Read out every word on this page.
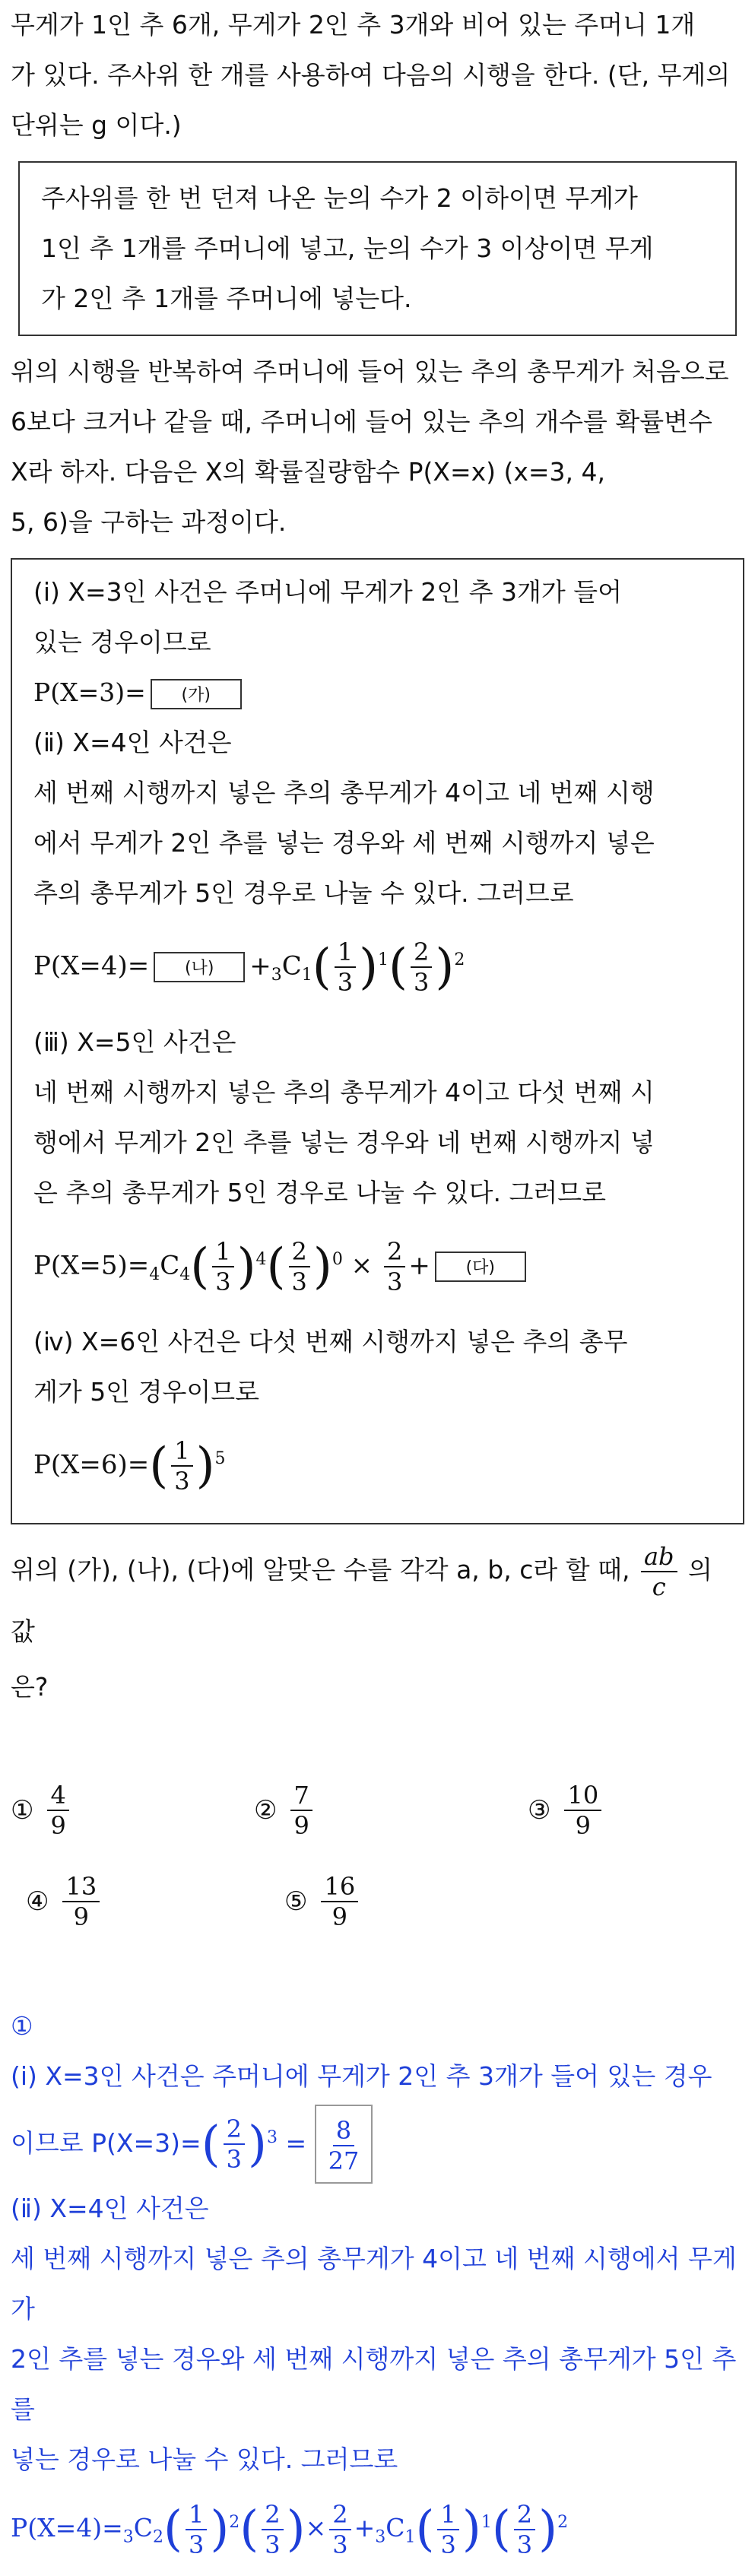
무게가 1인 추 6개, 무게가 2인 추 3개와 비어 있는 주머니 1개

가 있다. 주사위 한 개를 사용하여 다음의 시행을 한다. (단, 무게의

단위는 g 이다.)

주사위를 한 번 던져 나온 눈의 수가 2 이하이면 무게가

1인 추 1개를 주머니에 넣고, 눈의 수가 3 이상이면 무게

가 2인 추 1개를 주머니에 넣는다.

위의 시행을 반복하여 주머니에 들어 있는 추의 총무게가 처음으로

6보다 크거나 같을 때, 주머니에 들어 있는 추의 개수를 확률변수

X라 하자. 다음은 X의 확률질량함수 P(X=x) (x=3, 4,

5, 6)을 구하는 과정이다.

(ⅰ) X=3인 사건은 주머니에 무게가 2인 추 3개가 들어

있는 경우이므로

P(X=3)= (가)

(ⅱ) X=4인 사건은

세 번째 시행까지 넣은 추의 총무게가 4이고 네 번째 시행

에서 무게가 2인 추를 넣는 경우와 세 번째 시행까지 넣은

추의 총무게가 5인 경우로 나눌 수 있다. 그러므로

P(X=4)= (나) $+_3C_1( \frac{1}{3} )^1( \frac{2}{3} )^2$

(ⅲ) X=5인 사건은

네 번째 시행까지 넣은 추의 총무게가 4이고 다섯 번째 시

행에서 무게가 2인 추를 넣는 경우와 네 번째 시행까지 넣

은 추의 총무게가 5인 경우로 나눌 수 있다. 그러므로

$P(X=5)=_4C_4( \frac{1}{3} )^4( \frac{2}{3} )^0 \times \frac{2}{3}$ + (다)

(ⅳ) X=6인 사건은 다섯 번째 시행까지 넣은 추의 총무

게가 5인 경우이므로

$P(X=6)=( \frac{1}{3} )^5$

위의 (가), (나), (다)에 알맞은 수를 각각 a, b, c라 할 때, $\frac{ab}{c}$ 의 값

은?

① $\frac{4}{9}$	② $\frac{7}{9}$	③ $\frac{10}{9}$
④ $\frac{13}{9}$	⑤ $\frac{16}{9}$

①

(ⅰ) X=3인 사건은 주머니에 무게가 2인 추 3개가 들어 있는 경우

이므로 $P(X=3)=( \frac{2}{3} )^3 = \frac{8}{27}$

(ⅱ) X=4인 사건은

세 번째 시행까지 넣은 추의 총무게가 4이고 네 번째 시행에서 무게가

2인 추를 넣는 경우와 세 번째 시행까지 넣은 추의 총무게가 5인 추를

넣는 경우로 나눌 수 있다. 그러므로

$P(X=4)=_3C_2( \frac{1}{3} )^2( \frac{2}{3}$ )× $\frac{2}{3} +_3C_1( \frac{1}{3} )^1( \frac{2}{3} )^2$
